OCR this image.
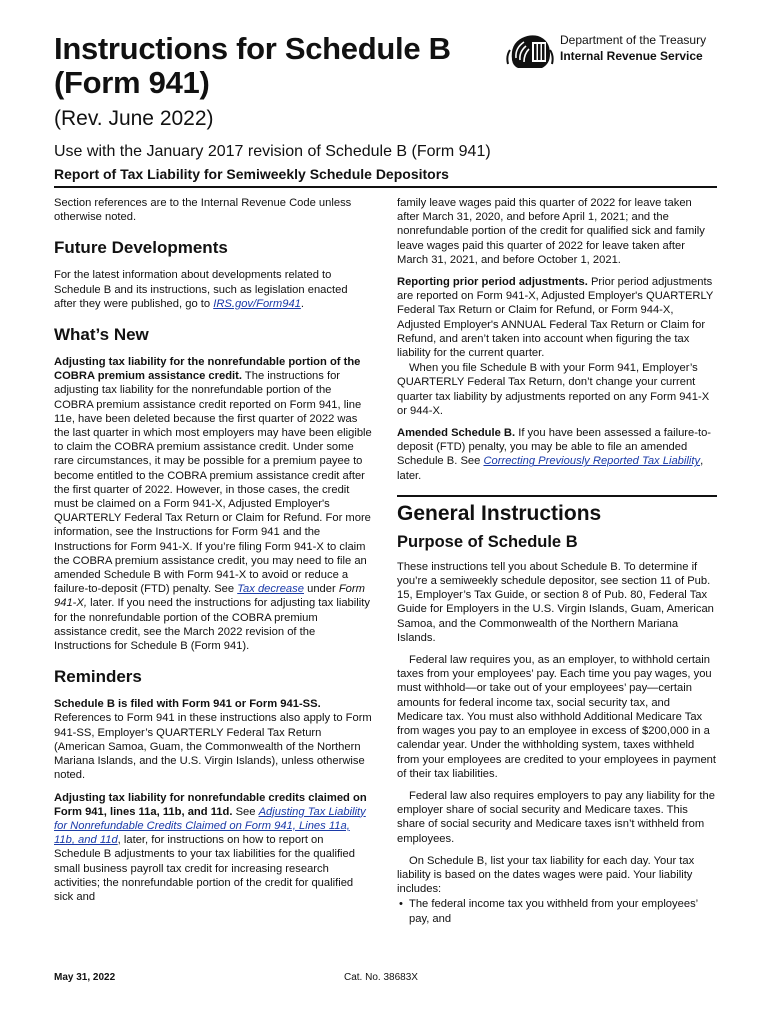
Instructions for Schedule B
(Form 941)
(Rev. June 2022)
Department of the Treasury
Internal Revenue Service
Use with the January 2017 revision of Schedule B (Form 941)
Report of Tax Liability for Semiweekly Schedule Depositors

Section references are to the Internal Revenue Code unless otherwise noted.

Future Developments

For the latest information about developments related to Schedule B and its instructions, such as legislation enacted after they were published, go to IRS.gov/Form941.

What’s New

Adjusting tax liability for the nonrefundable portion of the COBRA premium assistance credit. The instructions for adjusting tax liability for the nonrefundable portion of the COBRA premium assistance credit reported on Form 941, line 11e, have been deleted because the first quarter of 2022 was the last quarter in which most employers may have been eligible to claim the COBRA premium assistance credit. Under some rare circumstances, it may be possible for a premium payee to become entitled to the COBRA premium assistance credit after the first quarter of 2022. However, in those cases, the credit must be claimed on a Form 941-X, Adjusted Employer's QUARTERLY Federal Tax Return or Claim for Refund. For more information, see the Instructions for Form 941 and the Instructions for Form 941-X. If you’re filing Form 941-X to claim the COBRA premium assistance credit, you may need to file an amended Schedule B with Form 941-X to avoid or reduce a failure-to-deposit (FTD) penalty. See Tax decrease under Form 941-X, later. If you need the instructions for adjusting tax liability for the nonrefundable portion of the COBRA premium assistance credit, see the March 2022 revision of the Instructions for Schedule B (Form 941).

Reminders

Schedule B is filed with Form 941 or Form 941-SS. References to Form 941 in these instructions also apply to Form 941-SS, Employer’s QUARTERLY Federal Tax Return (American Samoa, Guam, the Commonwealth of the Northern Mariana Islands, and the U.S. Virgin Islands), unless otherwise noted.

Adjusting tax liability for nonrefundable credits claimed on Form 941, lines 11a, 11b, and 11d. See Adjusting Tax Liability for Nonrefundable Credits Claimed on Form 941, Lines 11a, 11b, and 11d, later, for instructions on how to report on Schedule B adjustments to your tax liabilities for the qualified small business payroll tax credit for increasing research activities; the nonrefundable portion of the credit for qualified sick and

family leave wages paid this quarter of 2022 for leave taken after March 31, 2020, and before April 1, 2021; and the nonrefundable portion of the credit for qualified sick and family leave wages paid this quarter of 2022 for leave taken after March 31, 2021, and before October 1, 2021.

Reporting prior period adjustments. Prior period adjustments are reported on Form 941-X, Adjusted Employer's QUARTERLY Federal Tax Return or Claim for Refund, or Form 944-X, Adjusted Employer's ANNUAL Federal Tax Return or Claim for Refund, and aren’t taken into account when figuring the tax liability for the current quarter.

When you file Schedule B with your Form 941, Employer’s QUARTERLY Federal Tax Return, don’t change your current quarter tax liability by adjustments reported on any Form 941-X or 944-X.

Amended Schedule B. If you have been assessed a failure-to-deposit (FTD) penalty, you may be able to file an amended Schedule B. See Correcting Previously Reported Tax Liability, later.

General Instructions
Purpose of Schedule B

These instructions tell you about Schedule B. To determine if you’re a semiweekly schedule depositor, see section 11 of Pub. 15, Employer’s Tax Guide, or section 8 of Pub. 80, Federal Tax Guide for Employers in the U.S. Virgin Islands, Guam, American Samoa, and the Commonwealth of the Northern Mariana Islands.

Federal law requires you, as an employer, to withhold certain taxes from your employees’ pay. Each time you pay wages, you must withhold—or take out of your employees’ pay—certain amounts for federal income tax, social security tax, and Medicare tax. You must also withhold Additional Medicare Tax from wages you pay to an employee in excess of $200,000 in a calendar year. Under the withholding system, taxes withheld from your employees are credited to your employees in payment of their tax liabilities.

Federal law also requires employers to pay any liability for the employer share of social security and Medicare taxes. This share of social security and Medicare taxes isn’t withheld from employees.

On Schedule B, list your tax liability for each day. Your tax liability is based on the dates wages were paid. Your liability includes:

• The federal income tax you withheld from your employees’ pay, and

May 31, 2022	Cat. No. 38683X
